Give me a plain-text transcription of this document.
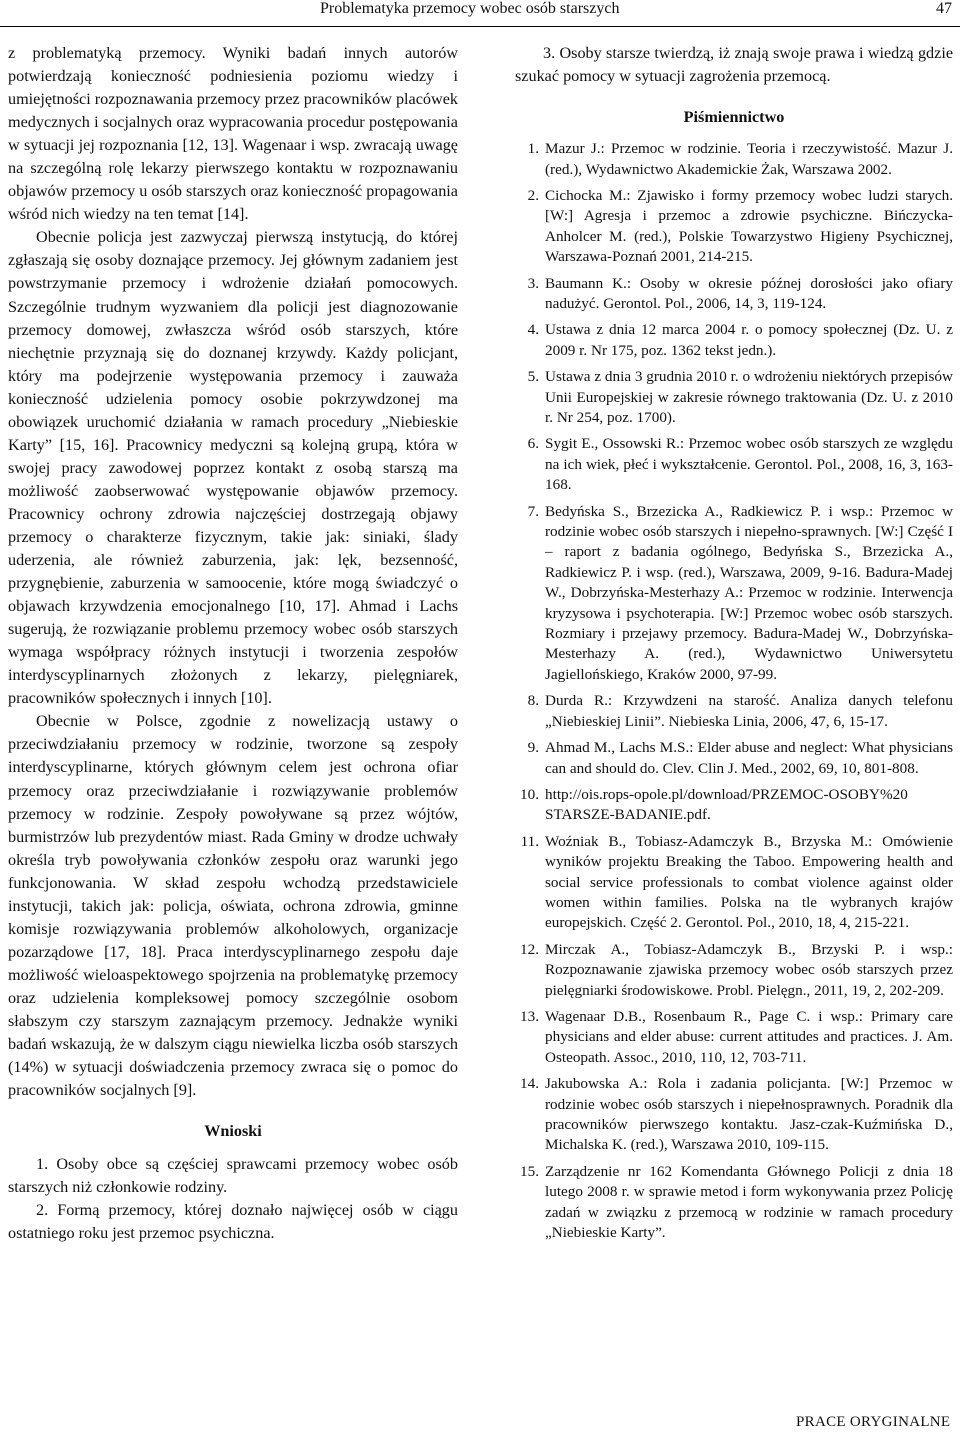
Problematyka przemocy wobec osób starszych	47

z problematyką przemocy. Wyniki badań innych autorów potwierdzają konieczność podniesienia poziomu wiedzy i umiejętności rozpoznawania przemocy przez pracowników placówek medycznych i socjalnych oraz wypracowania procedur postępowania w sytuacji jej rozpoznania [12, 13]. Wagenaar i wsp. zwracają uwagę na szczególną rolę lekarzy pierwszego kontaktu w rozpoznawaniu objawów przemocy u osób starszych oraz konieczność propagowania wśród nich wiedzy na ten temat [14].

Obecnie policja jest zazwyczaj pierwszą instytucją, do której zgłaszają się osoby doznające przemocy. Jej głównym zadaniem jest powstrzymanie przemocy i wdrożenie działań pomocowych. Szczególnie trudnym wyzwaniem dla policji jest diagnozowanie przemocy domowej, zwłaszcza wśród osób starszych, które niechętnie przyznają się do doznanej krzywdy. Każdy policjant, który ma podejrzenie występowania przemocy i zauważa konieczność udzielenia pomocy osobie pokrzywdzonej ma obowiązek uruchomić działania w ramach procedury „Niebieskie Karty” [15, 16]. Pracownicy medyczni są kolejną grupą, która w swojej pracy zawodowej poprzez kontakt z osobą starszą ma możliwość zaobserwować występowanie objawów przemocy. Pracownicy ochrony zdrowia najczęściej dostrzegają objawy przemocy o charakterze fizycznym, takie jak: siniaki, ślady uderzenia, ale również zaburzenia, jak: lęk, bezsenność, przygnębienie, zaburzenia w samoocenie, które mogą świadczyć o objawach krzywdzenia emocjonalnego [10, 17]. Ahmad i Lachs sugerują, że rozwiązanie problemu przemocy wobec osób starszych wymaga współpracy różnych instytucji i tworzenia zespołów interdyscyplinarnych złożonych z lekarzy, pielęgniarek, pracowników społecznych i innych [10].

Obecnie w Polsce, zgodnie z nowelizacją ustawy o przeciwdziałaniu przemocy w rodzinie, tworzone są zespoły interdyscyplinarne, których głównym celem jest ochrona ofiar przemocy oraz przeciwdziałanie i rozwiązywanie problemów przemocy w rodzinie. Zespoły powoływane są przez wójtów, burmistrzów lub prezydentów miast. Rada Gminy w drodze uchwały określa tryb powoływania członków zespołu oraz warunki jego funkcjonowania. W skład zespołu wchodzą przedstawiciele instytucji, takich jak: policja, oświata, ochrona zdrowia, gminne komisje rozwiązywania problemów alkoholowych, organizacje pozarządowe [17, 18]. Praca interdyscyplinarnego zespołu daje możliwość wieloaspektowego spojrzenia na problematykę przemocy oraz udzielenia kompleksowej pomocy szczególnie osobom słabszym czy starszym zaznającym przemocy. Jednakże wyniki badań wskazują, że w dalszym ciągu niewielka liczba osób starszych (14%) w sytuacji doświadczenia przemocy zwraca się o pomoc do pracowników socjalnych [9].

Wnioski

1. Osoby obce są częściej sprawcami przemocy wobec osób starszych niż członkowie rodziny.

2. Formą przemocy, której doznało najwięcej osób w ciągu ostatniego roku jest przemoc psychiczna.

3. Osoby starsze twierdzą, iż znają swoje prawa i wiedzą gdzie szukać pomocy w sytuacji zagrożenia przemocą.

Piśmiennictwo

1. Mazur J.: Przemoc w rodzinie. Teoria i rzeczywistość. Mazur J. (red.), Wydawnictwo Akademickie Żak, Warszawa 2002.
2. Cichocka M.: Zjawisko i formy przemocy wobec ludzi starych. [W:] Agresja i przemoc a zdrowie psychiczne. Bińczycka-Anholcer M. (red.), Polskie Towarzystwo Higieny Psychicznej, Warszawa-Poznań 2001, 214-215.
3. Baumann K.: Osoby w okresie późnej dorosłości jako ofiary nadużyć. Gerontol. Pol., 2006, 14, 3, 119-124.
4. Ustawa z dnia 12 marca 2004 r. o pomocy społecznej (Dz. U. z 2009 r. Nr 175, poz. 1362 tekst jedn.).
5. Ustawa z dnia 3 grudnia 2010 r. o wdrożeniu niektórych przepisów Unii Europejskiej w zakresie równego traktowania (Dz. U. z 2010 r. Nr 254, poz. 1700).
6. Sygit E., Ossowski R.: Przemoc wobec osób starszych ze względu na ich wiek, płeć i wykształcenie. Gerontol. Pol., 2008, 16, 3, 163-168.
7. Bedyńska S., Brzezicka A., Radkiewicz P. i wsp.: Przemoc w rodzinie wobec osób starszych i niepełno-sprawnych. [W:] Część I – raport z badania ogólnego, Bedyńska S., Brzezicka A., Radkiewicz P. i wsp. (red.), Warszawa, 2009, 9-16. Badura-Madej W., Dobrzyńska-Mesterhazy A.: Przemoc w rodzinie. Interwencja kryzysowa i psychoterapia. [W:] Przemoc wobec osób starszych. Rozmiary i przejawy przemocy. Badura-Madej W., Dobrzyńska-Mesterhazy A. (red.), Wydawnictwo Uniwersytetu Jagiellońskiego, Kraków 2000, 97-99.
8. Durda R.: Krzywdzeni na starość. Analiza danych telefonu „Niebieskiej Linii”. Niebieska Linia, 2006, 47, 6, 15-17.
9. Ahmad M., Lachs M.S.: Elder abuse and neglect: What physicians can and should do. Clev. Clin J. Med., 2002, 69, 10, 801-808.
10. http://ois.rops-opole.pl/download/PRZEMOC-OSOBY%20 STARSZE-BADANIE.pdf.
11. Woźniak B., Tobiasz-Adamczyk B., Brzyska M.: Omówienie wyników projektu Breaking the Taboo. Empowering health and social service professionals to combat violence against older women within families. Polska na tle wybranych krajów europejskich. Część 2. Gerontol. Pol., 2010, 18, 4, 215-221.
12. Mirczak A., Tobiasz-Adamczyk B., Brzyski P. i wsp.: Rozpoznawanie zjawiska przemocy wobec osób starszych przez pielęgniarki środowiskowe. Probl. Pielęgn., 2011, 19, 2, 202-209.
13. Wagenaar D.B., Rosenbaum R., Page C. i wsp.: Primary care physicians and elder abuse: current attitudes and practices. J. Am. Osteopath. Assoc., 2010, 110, 12, 703-711.
14. Jakubowska A.: Rola i zadania policjanta. [W:] Przemoc w rodzinie wobec osób starszych i niepełnosprawnych. Poradnik dla pracowników pierwszego kontaktu. Jasz-czak-Kuźmińska D., Michalska K. (red.), Warszawa 2010, 109-115.
15. Zarządzenie nr 162 Komendanta Głównego Policji z dnia 18 lutego 2008 r. w sprawie metod i form wykonywania przez Policję zadań w związku z przemocą w rodzinie w ramach procedury „Niebieskie Karty”.
PRACE ORYGINALNE
